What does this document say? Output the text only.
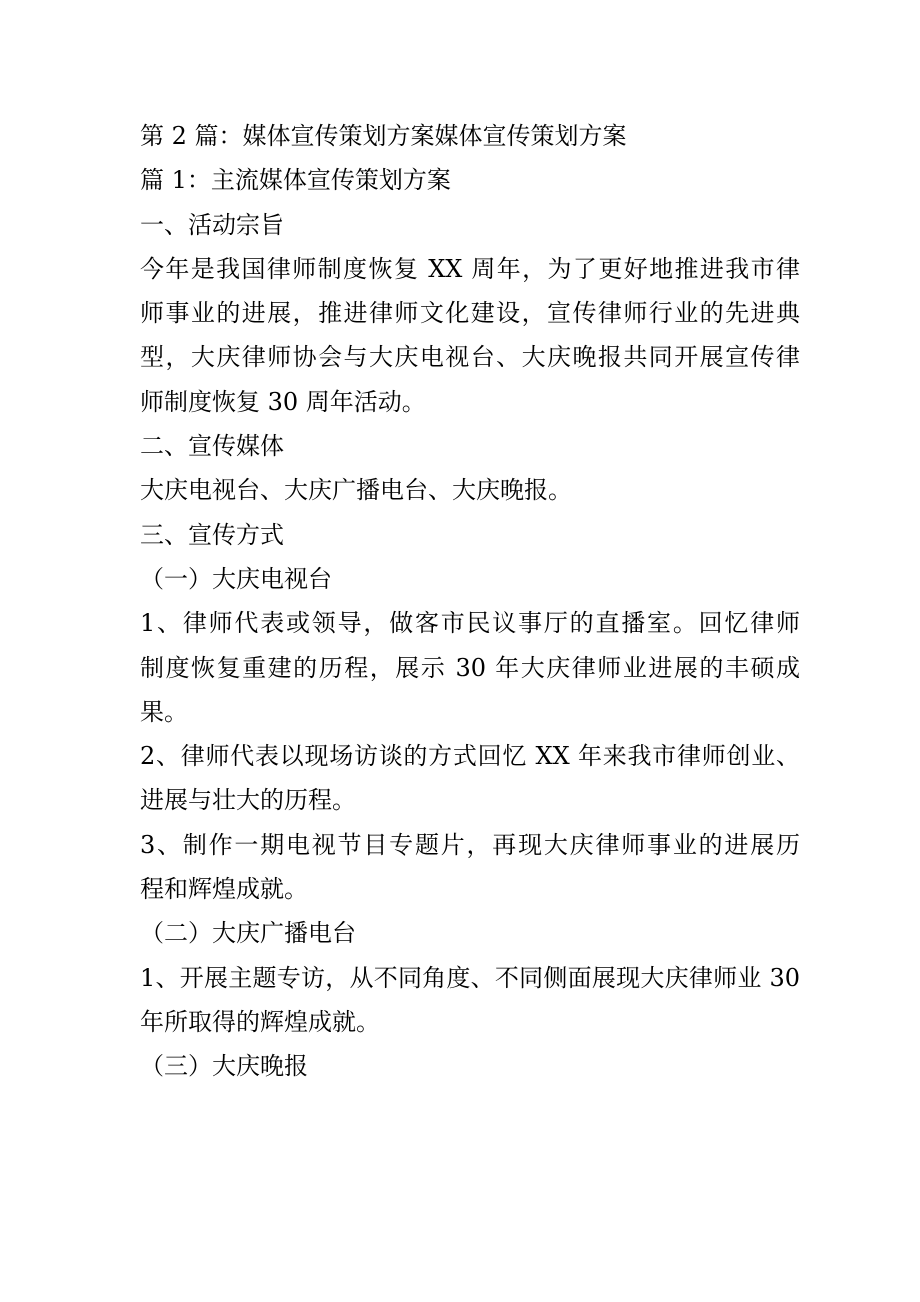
第 2 篇：媒体宣传策划方案媒体宣传策划方案
篇 1：主流媒体宣传策划方案
一、活动宗旨
今年是我国律师制度恢复 XX 周年，为了更好地推进我市律
师事业的进展，推进律师文化建设，宣传律师行业的先进典
型，大庆律师协会与大庆电视台、大庆晚报共同开展宣传律
师制度恢复 30 周年活动。
二、宣传媒体
大庆电视台、大庆广播电台、大庆晚报。
三、宣传方式
（一）大庆电视台
1、律师代表或领导，做客市民议事厅的直播室。回忆律师
制度恢复重建的历程，展示 30 年大庆律师业进展的丰硕成
果。
2、律师代表以现场访谈的方式回忆 XX 年来我市律师创业、
进展与壮大的历程。
3、制作一期电视节目专题片，再现大庆律师事业的进展历
程和辉煌成就。
（二）大庆广播电台
1、开展主题专访，从不同角度、不同侧面展现大庆律师业 30
年所取得的辉煌成就。
（三）大庆晚报
